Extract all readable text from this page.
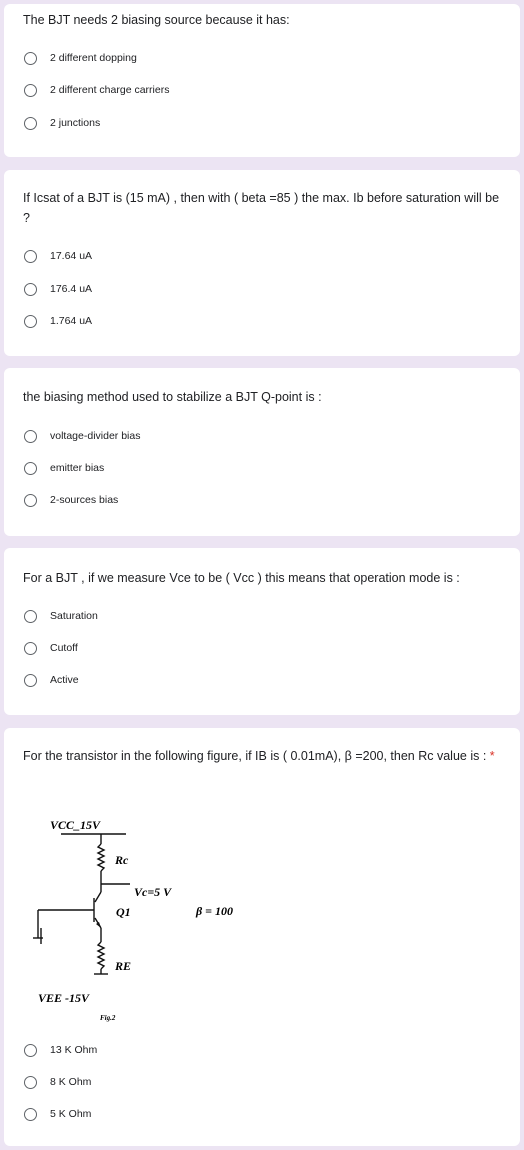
The BJT needs 2 biasing source because it has:
2 different dopping
2 different charge carriers
2 junctions
If Icsat of a BJT is (15 mA) , then with ( beta =85 ) the max. Ib before saturation will be ?
17.64 uA
176.4 uA
1.764 uA
the biasing method used to stabilize a BJT Q-point is :
voltage-divider bias
emitter bias
2-sources bias
For a BJT , if we measure Vce to be ( Vcc ) this means that operation mode is :
Saturation
Cutoff
Active
For the transistor in the following figure, if IB is ( 0.01mA), β =200, then Rc value is : *
VCC_15V
Rc
Vc=5 V
Q1	β = 100
RE
VEE -15V
Fig.2
13 K Ohm
8 K Ohm
5 K Ohm
